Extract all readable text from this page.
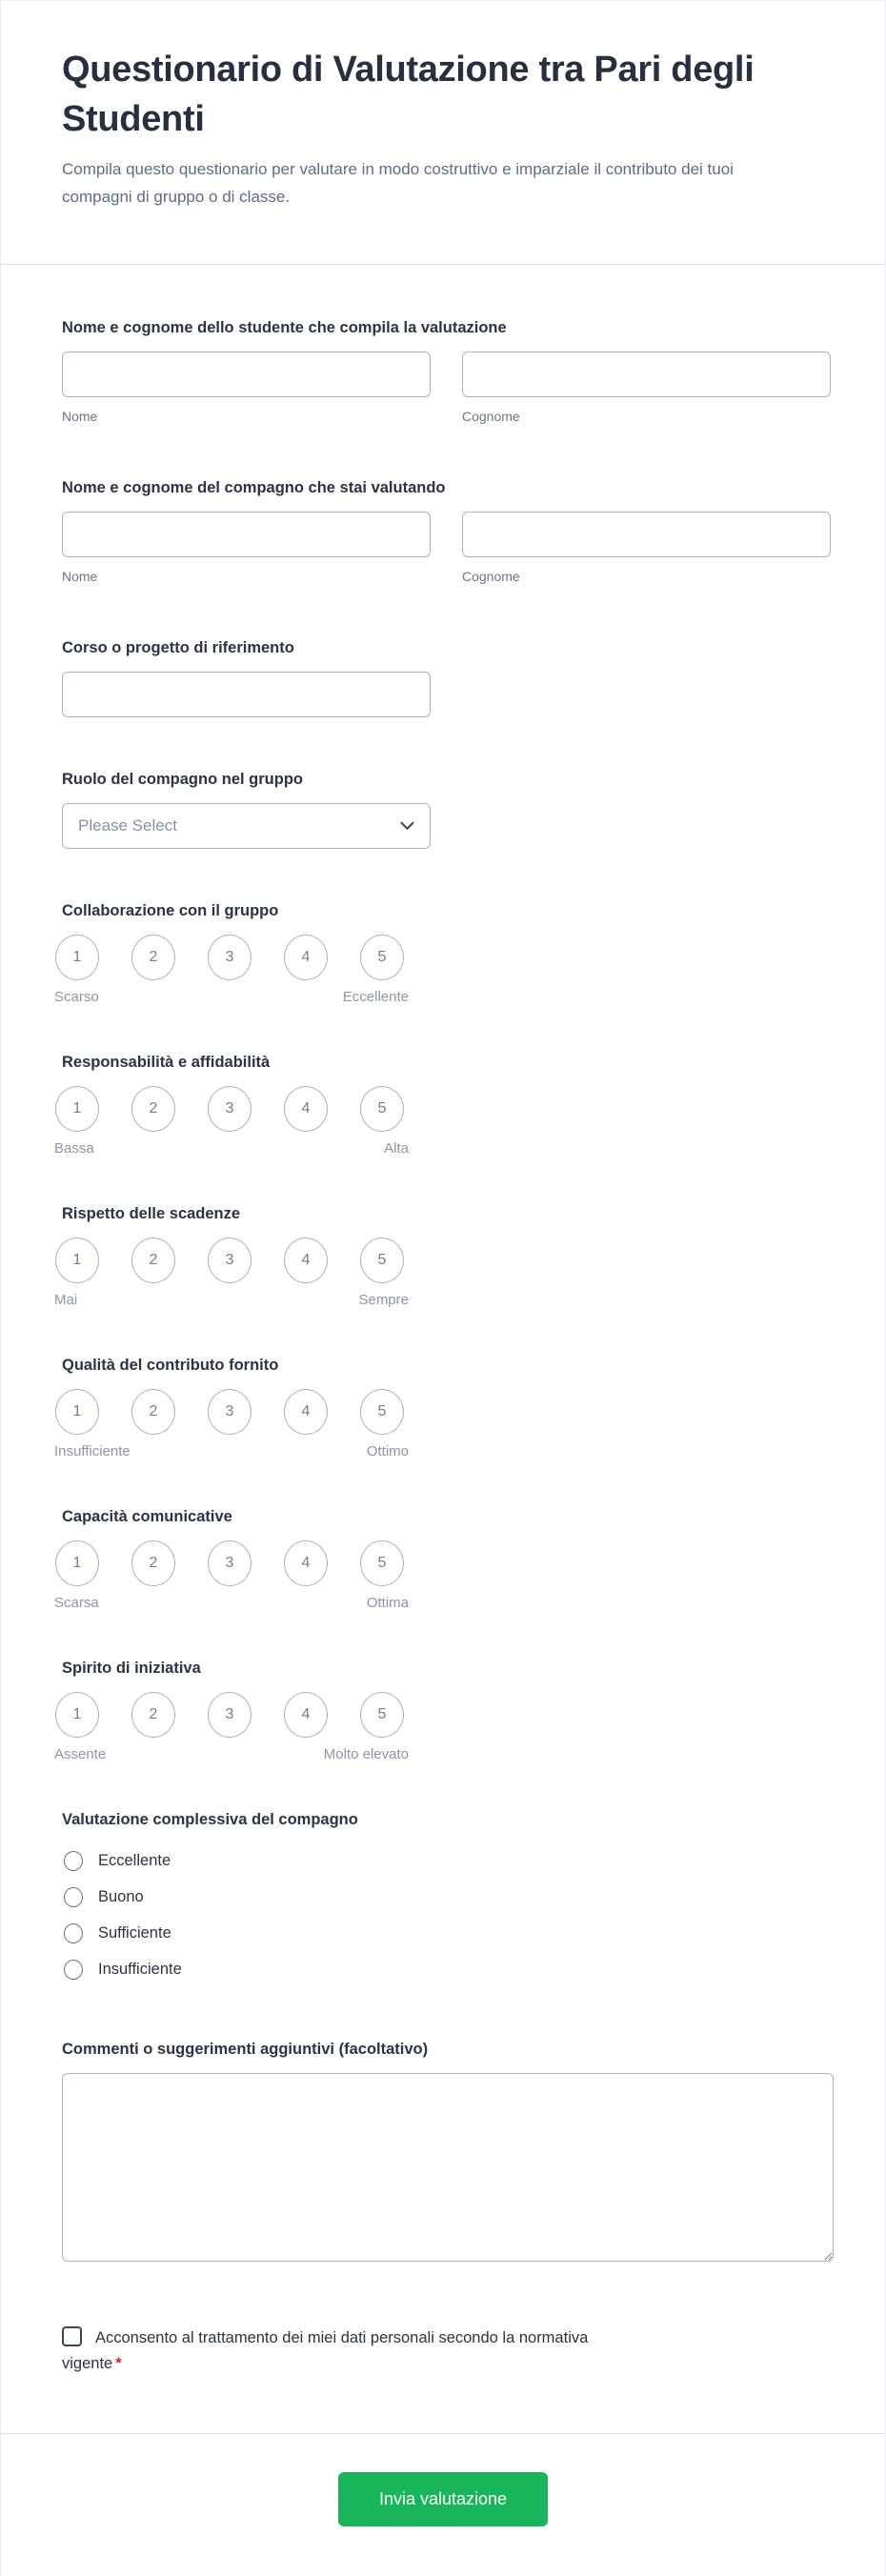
Questionario di Valutazione tra Pari degli Studenti
Compila questo questionario per valutare in modo costruttivo e imparziale il contributo dei tuoi compagni di gruppo o di classe.
Nome e cognome dello studente che compila la valutazione
Nome	Cognome
Nome e cognome del compagno che stai valutando
Nome	Cognome
Corso o progetto di riferimento
Ruolo del compagno nel gruppo
Please Select
Collaborazione con il gruppo
1	2	3	4	5
Scarso	Eccellente
Responsabilità e affidabilità
1	2	3	4	5
Bassa	Alta
Rispetto delle scadenze
1	2	3	4	5
Mai	Sempre
Qualità del contributo fornito
1	2	3	4	5
Insufficiente	Ottimo
Capacità comunicative
1	2	3	4	5
Scarsa	Ottima
Spirito di iniziativa
1	2	3	4	5
Assente	Molto elevato
Valutazione complessiva del compagno
Eccellente
Buono
Sufficiente
Insufficiente
Commenti o suggerimenti aggiuntivi (facoltativo)
Acconsento al trattamento dei miei dati personali secondo la normativa
vigente *
Invia valutazione
